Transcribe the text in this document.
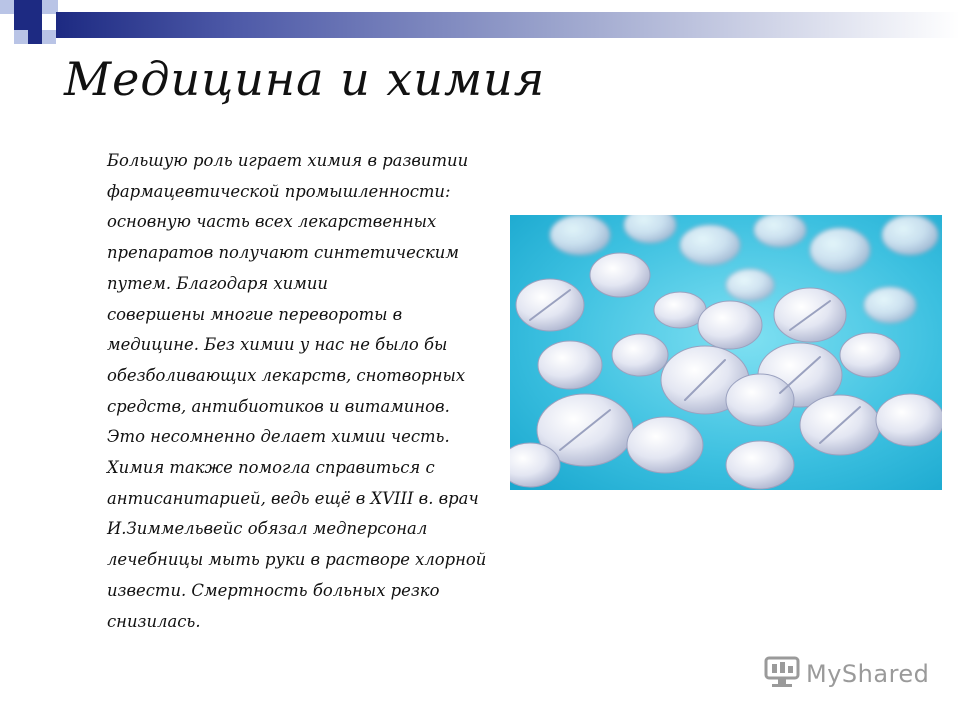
Медицина и химия

Большую роль играет химия в развитии
фармацевтической промышленности:
основную часть всех лекарственных
препаратов получают синтетическим
путем. Благодаря химии
совершены многие перевороты в
медицине. Без химии у нас не было бы
обезболивающих лекарств, снотворных
средств, антибиотиков и витаминов.
Это несомненно делает химии честь.
Химия также помогла справиться с
антисанитарией, ведь ещё в XVIII в. врач
И.Зиммельвейс обязал медперсонал
лечебницы мыть руки в растворе хлорной
извести. Смертность больных резко
снизилась.

MyShared
